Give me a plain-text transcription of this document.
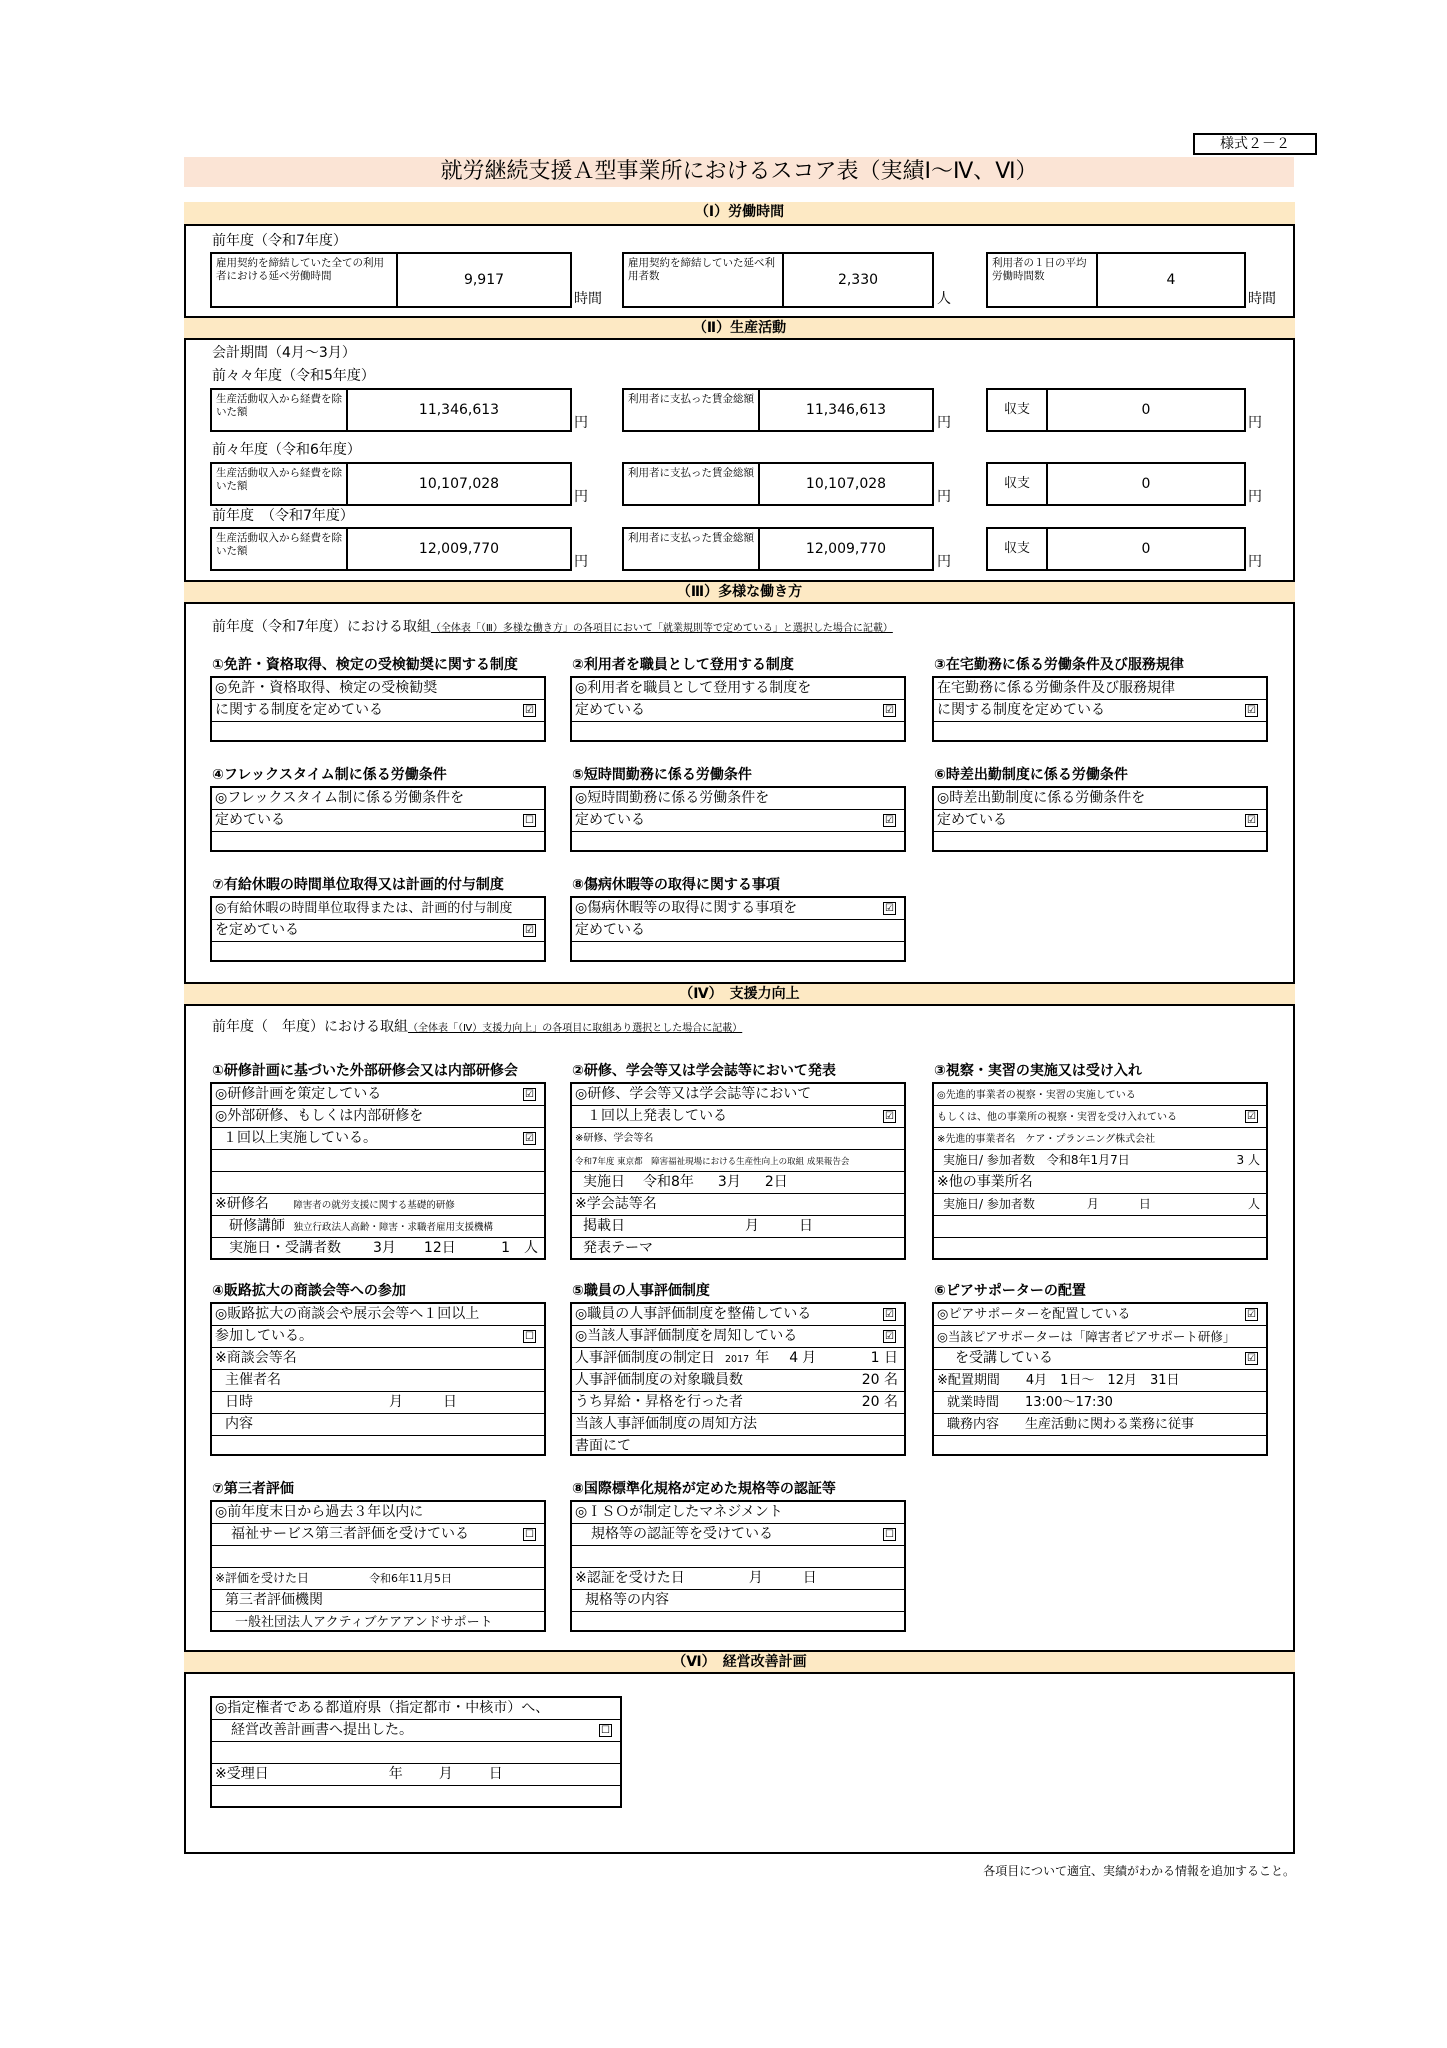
様式２－２
就労継続支援Ａ型事業所におけるスコア表（実績Ⅰ～Ⅳ、Ⅵ）
（Ⅰ）労働時間
前年度（令和7年度）
雇用契約を締結していた全ての利用者における延べ労働時間	9,917
時間
雇用契約を締結していた延べ利用者数	2,330
人
利用者の１日の平均労働時間数	4
時間
（Ⅱ）生産活動
会計期間（4月～3月）
前々々年度（令和5年度）
生産活動収入から経費を除いた額	11,346,613
円
利用者に支払った賃金総額
11,346,613
円
収支	0
円
前々年度（令和6年度）
生産活動収入から経費を除いた額	10,107,028
円
利用者に支払った賃金総額
10,107,028
円
収支	0
円
前年度　（令和7年度）
生産活動収入から経費を除いた額	12,009,770
円
利用者に支払った賃金総額
12,009,770
円
収支	0
円
（Ⅲ）多様な働き方
前年度（令和7年度）における取組（全体表「（Ⅲ）多様な働き方」の各項目において「就業規則等で定めている」と選択した場合に記載）
①免許・資格取得、検定の受検勧奨に関する制度
◎免許・資格取得、検定の受検勧奨
に関する制度を定めている	☑
②利用者を職員として登用する制度
◎利用者を職員として登用する制度を
定めている	☑
③在宅勤務に係る労働条件及び服務規律
在宅勤務に係る労働条件及び服務規律
に関する制度を定めている	☑
④フレックスタイム制に係る労働条件
◎フレックスタイム制に係る労働条件を
定めている	☐
⑤短時間勤務に係る労働条件
◎短時間勤務に係る労働条件を
定めている	☑
⑥時差出勤制度に係る労働条件
◎時差出勤制度に係る労働条件を
定めている	☑
⑦有給休暇の時間単位取得又は計画的付与制度
◎有給休暇の時間単位取得または、計画的付与制度
を定めている	☑
⑧傷病休暇等の取得に関する事項
◎傷病休暇等の取得に関する事項を	☑
定めている
（Ⅳ）　支援力向上
前年度（　年度）における取組（全体表「（Ⅳ）支援力向上」の各項目に取組あり選択とした場合に記載）
①研修計画に基づいた外部研修会又は内部研修会
◎研修計画を策定している	☑
◎外部研修、もしくは内部研修を
１回以上実施している。	☑
※研修名	障害者の就労支援に関する基礎的研修
研修講師 独立行政法人高齢・障害・求職者雇用支援機構
実施日・受講者数 3月 12日	1　 人
②研修、学会等又は学会誌等において発表
◎研修、学会等又は学会誌等において
１回以上発表している	☑
※研修、学会等名
令和7年度 東京都　障害福祉現場における生産性向上の取組 成果報告会
実施日 令和8年 3月 2日
※学会誌等名
掲載日	月	日
発表テーマ
③視察・実習の実施又は受け入れ
◎先進的事業者の視察・実習の実施している
もしくは、他の事業所の視察・実習を受け入れている	☑
※先進的事業者名　ケア・プランニング株式会社
実施日/ 参加者数　令和8年1月7日	3 人
※他の事業所名
実施日/ 参加者数	月	日	人
④販路拡大の商談会等への参加
◎販路拡大の商談会や展示会等へ１回以上
参加している。	☐
※商談会等名
主催者名
日時	月	日
内容
⑤職員の人事評価制度
◎職員の人事評価制度を整備している	☑
◎当該人事評価制度を周知している	☑
人事評価制度の制定日 2017 年 4 月	1 日
人事評価制度の対象職員数	20 名
うち昇給・昇格を行った者	20 名
当該人事評価制度の周知方法
書面にて
⑥ピアサポーターの配置
◎ピアサポーターを配置している	☑
◎当該ピアサポーターは「障害者ピアサポート研修」
を受講している	☑
※配置期間　　4月　1日～　12月　31日
就業時間　　13:00～17:30
職務内容　　生産活動に関わる業務に従事
⑦第三者評価
◎前年度末日から過去３年以内に
福祉サービス第三者評価を受けている	☐
※評価を受けた日	令和6年11月5日
第三者評価機関
一般社団法人アクティブケアアンドサポート
⑧国際標準化規格が定めた規格等の認証等
◎ＩＳＯが制定したマネジメント
規格等の認証等を受けている	☐
※認証を受けた日	月	日
規格等の内容
（Ⅵ）　経営改善計画
◎指定権者である都道府県（指定都市・中核市）へ、
経営改善計画書へ提出した。	☐
※受理日	年	月	日
各項目について適宜、実績がわかる情報を追加すること。
